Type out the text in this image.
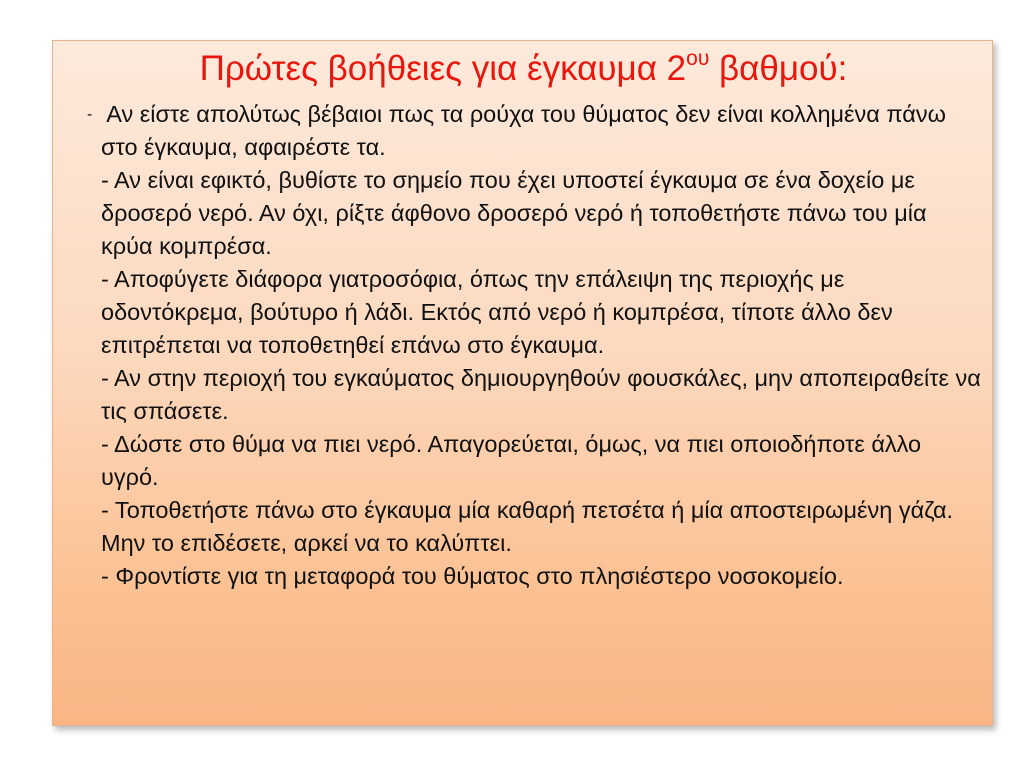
Πρώτες βοήθειες για έγκαυμα $2^{o\upsilon}$ βαθμού:

- Αν είστε απολύτως βέβαιοι πως τα ρούχα του θύματος δεν είναι κολλημένα πάνω στο έγκαυμα, αφαιρέστε τα.

- Αν είναι εφικτό, βυθίστε το σημείο που έχει υποστεί έγκαυμα σε ένα δοχείο με δροσερό νερό. Αν όχι, ρίξτε άφθονο δροσερό νερό ή τοποθετήστε πάνω του μία κρύα κομπρέσα.

- Αποφύγετε διάφορα γιατροσόφια, όπως την επάλειψη της περιοχής με οδοντόκρεμα, βούτυρο ή λάδι. Εκτός από νερό ή κομπρέσα, τίποτε άλλο δεν επιτρέπεται να τοποθετηθεί επάνω στο έγκαυμα.

- Αν στην περιοχή του εγκαύματος δημιουργηθούν φουσκάλες, μην αποπειραθείτε να τις σπάσετε.

- Δώστε στο θύμα να πιει νερό. Απαγορεύεται, όμως, να πιει οποιοδήποτε άλλο υγρό.

- Τοποθετήστε πάνω στο έγκαυμα μία καθαρή πετσέτα ή μία αποστειρωμένη γάζα. Μην το επιδέσετε, αρκεί να το καλύπτει.

- Φροντίστε για τη μεταφορά του θύματος στο πλησιέστερο νοσοκομείο.
